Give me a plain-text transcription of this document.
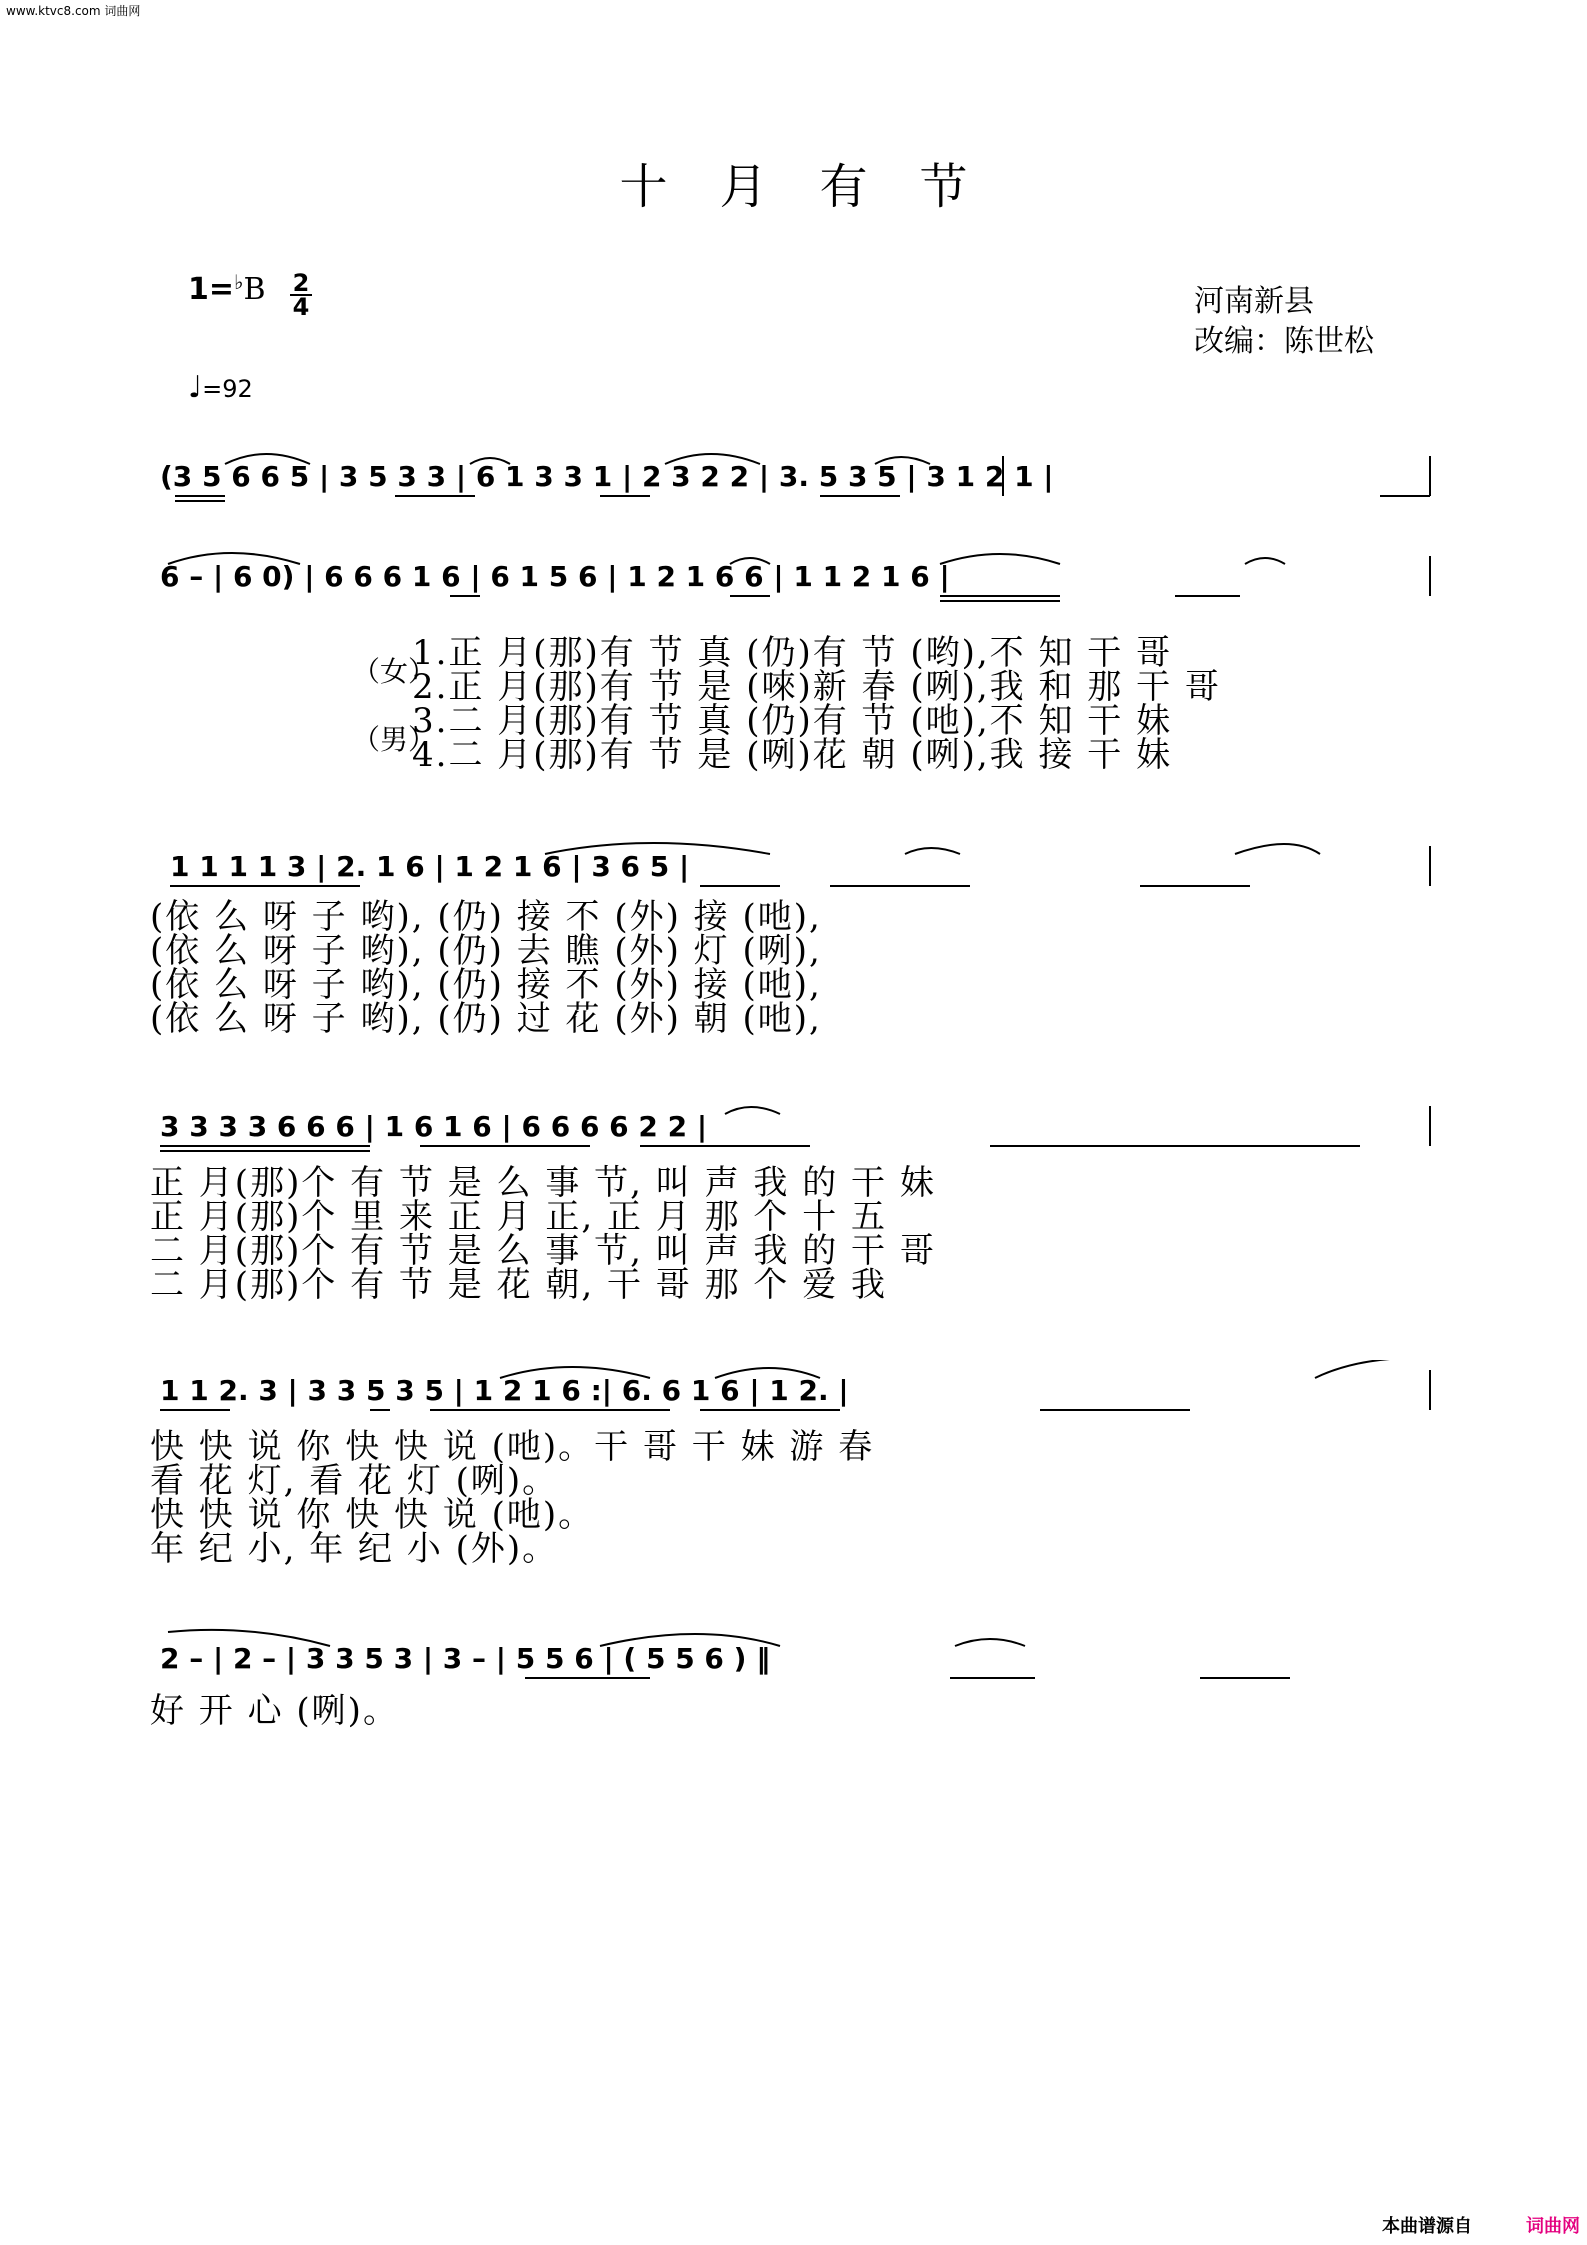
www.ktvc8.com 词曲网
十月有节
1=♭B 2
4	河南新县
改编：陈世松
♩=92
(3 5 6 6 5 | 3 5 3 3 | 6 1 3 3 1 | 2 3 2 2 | 3. 5 3 5 | 3 1 2 1 |
6 – | 6 0) | 6 6 6 1 6 | 6 1 5 6 | 1 2 1 6 6 | 1 1 2 1 6 |
（女）
（男）
1.正 月(那)有 节 真 (仍)有 节 (哟),不 知 干 哥
2.正 月(那)有 节 是 (唻)新 春 (咧),我 和 那 干 哥
3.二 月(那)有 节 真 (仍)有 节 (吔),不 知 干 妹
4.二 月(那)有 节 是 (咧)花 朝 (咧),我 接 干 妹
1 1 1 1 3 | 2. 1 6 | 1 2 1 6 | 3 6 5 |
(依 么 呀 子 哟), (仍) 接 不 (外) 接 (吔),
(依 么 呀 子 哟), (仍) 去 瞧 (外) 灯 (咧),
(依 么 呀 子 哟), (仍) 接 不 (外) 接 (吔),
(依 么 呀 子 哟), (仍) 过 花 (外) 朝 (吔),
3 3 3 3 6 6 6 | 1 6 1 6 | 6 6 6 6 2 2 |
正 月(那)个 有 节 是 么 事 节, 叫 声 我 的 干 妹
正 月(那)个 里 来 正 月 正, 正 月 那 个 十 五
二 月(那)个 有 节 是 么 事 节, 叫 声 我 的 干 哥
二 月(那)个 有 节 是 花 朝, 干 哥 那 个 爱 我
1 1 2. 3 | 3 3 5 3 5 | 1 2 1 6 :| 6. 6 1 6 | 1 2. |
快 快 说 你 快 快 说 (吔)。干 哥 干 妹 游 春
看 花 灯, 看 花 灯 (咧)。
快 快 说 你 快 快 说 (吔)。
年 纪 小, 年 纪 小 (外)。
2 – | 2 – | 3 3 5 3 | 3 – | 5 5 6 | ( 5 5 6 ) ‖
好 开 心 (咧)。
本曲谱源自	词曲网
